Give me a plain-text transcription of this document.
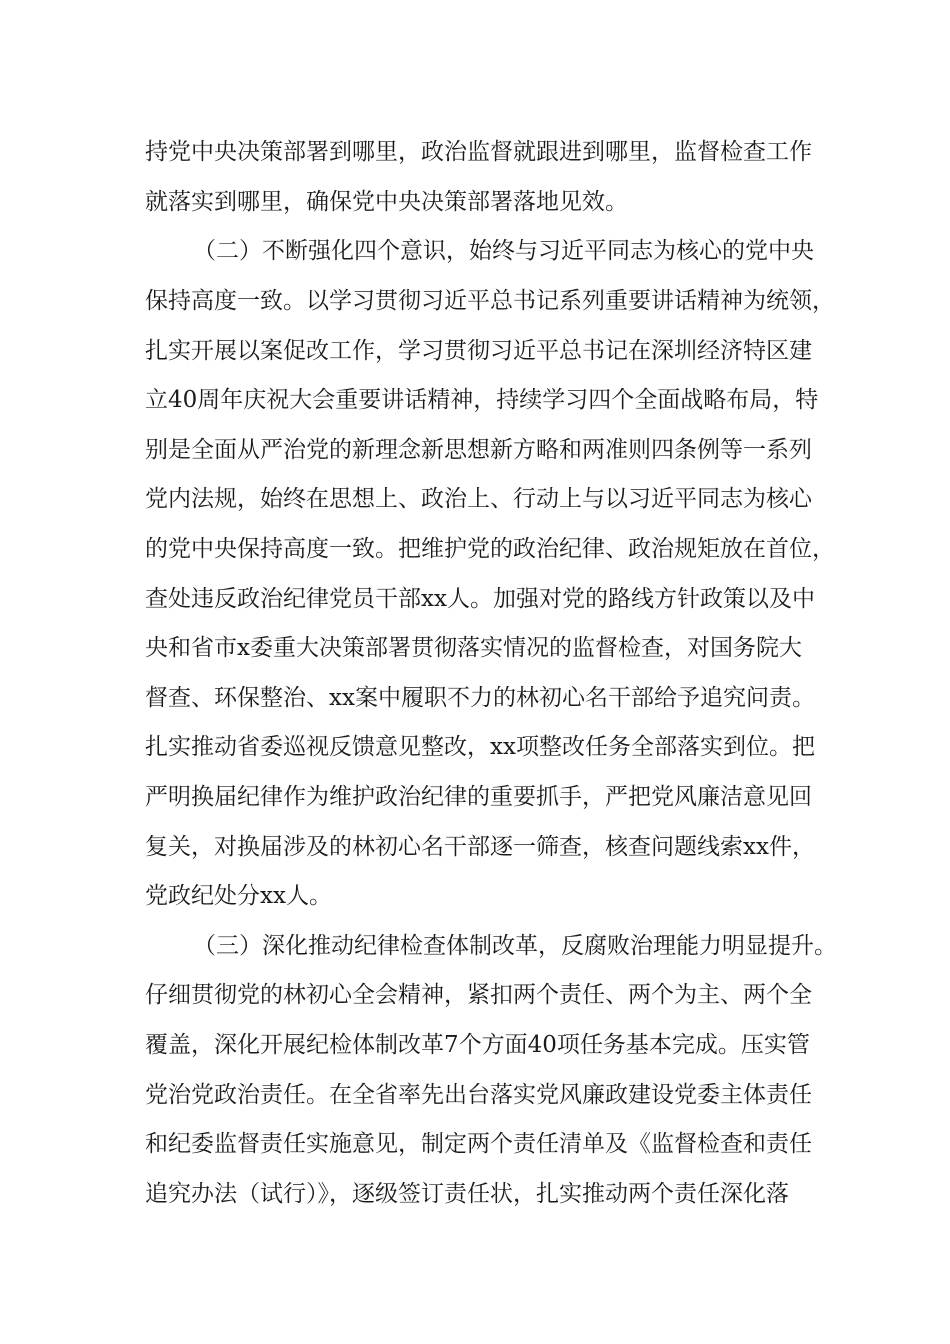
持党中央决策部署到哪里，政治监督就跟进到哪里，监督检查工作
就落实到哪里，确保党中央决策部署落地见效。
（二）不断强化四个意识，始终与习近平同志为核心的党中央
保持高度一致。以学习贯彻习近平总书记系列重要讲话精神为统领，
扎实开展以案促改工作，学习贯彻习近平总书记在深圳经济特区建
立40周年庆祝大会重要讲话精神，持续学习四个全面战略布局，特
别是全面从严治党的新理念新思想新方略和两准则四条例等一系列
党内法规，始终在思想上、政治上、行动上与以习近平同志为核心
的党中央保持高度一致。把维护党的政治纪律、政治规矩放在首位，
查处违反政治纪律党员干部xx人。加强对党的路线方针政策以及中
央和省市x委重大决策部署贯彻落实情况的监督检查，对国务院大
督查、环保整治、xx案中履职不力的林初心名干部给予追究问责。
扎实推动省委巡视反馈意见整改，xx项整改任务全部落实到位。把
严明换届纪律作为维护政治纪律的重要抓手，严把党风廉洁意见回
复关，对换届涉及的林初心名干部逐一筛查，核查问题线索xx件，
党政纪处分xx人。
（三）深化推动纪律检查体制改革，反腐败治理能力明显提升。
仔细贯彻党的林初心全会精神，紧扣两个责任、两个为主、两个全
覆盖，深化开展纪检体制改革7个方面40项任务基本完成。压实管
党治党政治责任。在全省率先出台落实党风廉政建设党委主体责任
和纪委监督责任实施意见，制定两个责任清单及《监督检查和责任
追究办法（试行）》，逐级签订责任状，扎实推动两个责任深化落
